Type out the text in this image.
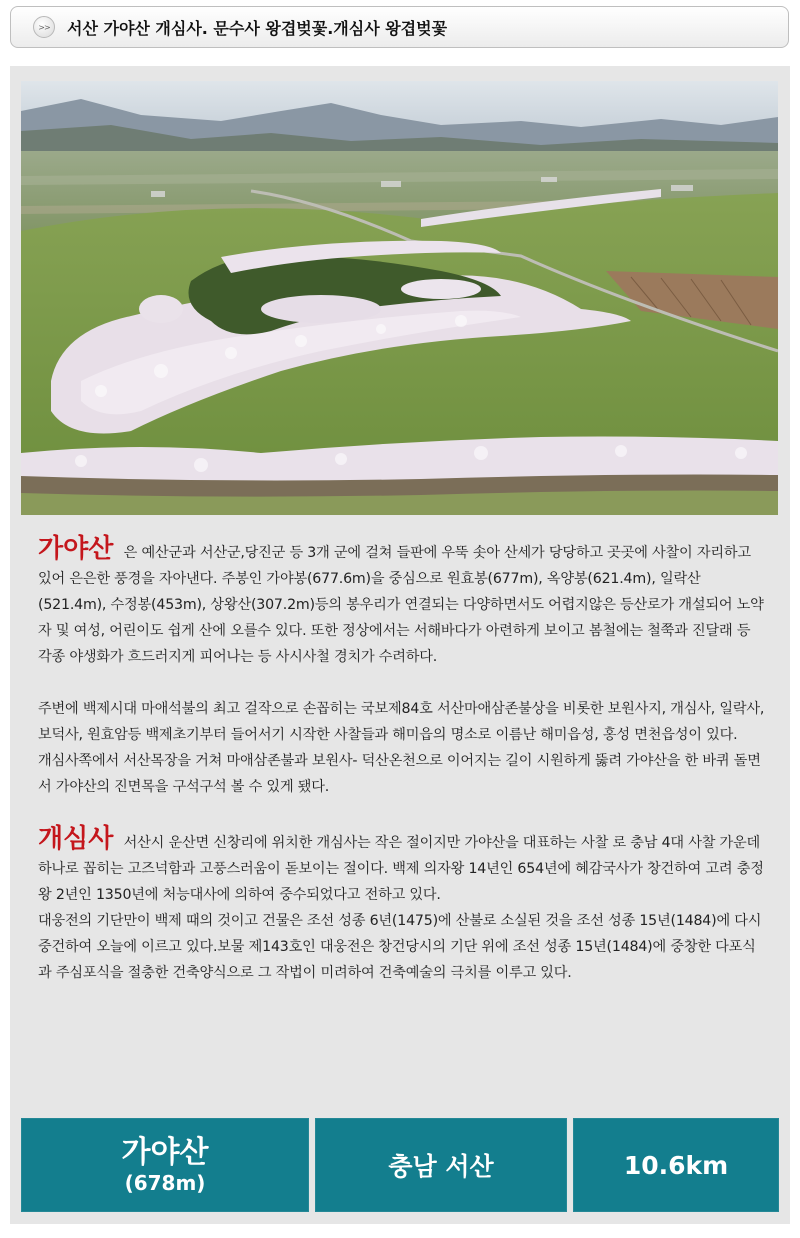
>>	서산 가야산 개심사. 문수사 왕겹벚꽃.개심사 왕겹벚꽃

가야산 은 예산군과 서산군,당진군 등 3개 군에 걸쳐 들판에 우뚝 솟아 산세가 당당하고 곳곳에 사찰이 자리하고 있어 은은한 풍경을 자아낸다. 주봉인 가야봉(677.6m)을 중심으로 원효봉(677m), 옥양봉(621.4m), 일락산(521.4m), 수정봉(453m), 상왕산(307.2m)등의 봉우리가 연결되는 다양하면서도 어렵지않은 등산로가 개설되어 노약자 및 여성, 어린이도 쉽게 산에 오를수 있다. 또한 정상에서는 서해바다가 아련하게 보이고 봄철에는 철쭉과 진달래 등 각종 야생화가 흐드러지게 피어나는 등 사시사철 경치가 수려하다.

주변에 백제시대 마애석불의 최고 걸작으로 손꼽히는 국보제84호 서산마애삼존불상을 비롯한 보원사지, 개심사, 일락사, 보덕사, 원효암등 백제초기부터 들어서기 시작한 사찰들과 해미읍의 명소로 이름난 해미읍성, 홍성 면천읍성이 있다.

개심사쪽에서 서산목장을 거쳐 마애삼존불과 보원사- 덕산온천으로 이어지는 길이 시원하게 뚫려 가야산을 한 바퀴 돌면서 가야산의 진면목을 구석구석 볼 수 있게 됐다.

개심사 서산시 운산면 신창리에 위치한 개심사는 작은 절이지만 가야산을 대표하는 사찰 로 충남 4대 사찰 가운데 하나로 꼽히는 고즈넉함과 고풍스러움이 돋보이는 절이다. 백제 의자왕 14년인 654년에 혜감국사가 창건하여 고려 충정왕 2년인 1350년에 처능대사에 의하여 중수되었다고 전하고 있다.

대웅전의 기단만이 백제 때의 것이고 건물은 조선 성종 6년(1475)에 산불로 소실된 것을 조선 성종 15년(1484)에 다시 중건하여 오늘에 이르고 있다.보물 제143호인 대웅전은 창건당시의 기단 위에 조선 성종 15년(1484)에 중창한 다포식과 주심포식을 절충한 건축양식으로 그 작법이 미려하여 건축예술의 극치를 이루고 있다.

가야산
(678m)
충남 서산	10.6km
